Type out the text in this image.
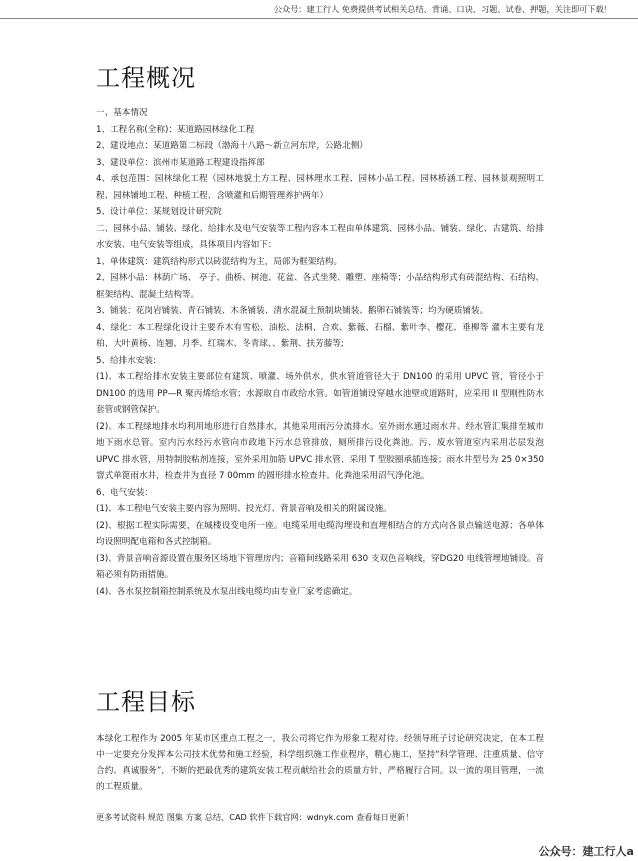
公众号：建工行人 免费提供考试相关总结、背诵、口诀、习题、试卷、押题，关注即可下载！
工程概况

一、基本情况

1、工程名称(全称)：某道路园林绿化工程

2、建设地点：某道路第二标段（渤海十八路～新立河东岸，公路北侧）

3、建设单位：滨州市某道路工程建设指挥部

4、承包范围：园林绿化工程（园林地貌土方工程、园林理水工程、园林小品工程、园林桥涵工程、园林景观照明工程、园林铺地工程、种植工程、含喷灌和后期管理养护两年）

5、设计单位：某规划设计研究院

二、园林小品、铺装、绿化、给排水及电气安装等工程内容本工程由单体建筑、园林小品、铺装、绿化、古建筑、给排水安装、电气安装等组成，具体项目内容如下：

1、单体建筑：建筑结构形式以砖混结构为主，局部为框架结构。

2、园林小品：林荫广场、 亭子、曲桥、树池、花盆、各式坐凳、雕塑、座椅等；小品结构形式有砖混结构、石结构、框架结构、混凝土结构等。

3、铺装：花岗岩铺装、青石铺装、木条铺装、清水混凝土预制块铺装、鹅卵石铺装等；均为硬质铺装。

4、绿化：本工程绿化设计主要乔木有雪松、油松、法桐、合欢、紫薇、石榴、紫叶李、樱花、垂柳等 灌木主要有龙柏、大叶黄杨、连翘、月季、红瑞木、冬青球、、紫荆、扶芳藤等;

5、给排水安装:

(1)、本工程给排水安装主要部位有建筑、喷灌、场外供水，供水管道管径大于 DN100 的采用 UPVC 管，管径小于 DN100 的选用 PP—R 聚丙烯给水管；水源取自市政给水管。如管道铺设穿越水池壁或道路时，应采用 II 型刚性防水套管或钢管保护。

(2)、本工程绿地排水均利用地形进行自然排水，其他采用雨污分流排水。室外雨水通过雨水井、经水管汇集排至城市地下雨水总管。室内污水经污水管向市政地下污水总管排放，厕所排污设化粪池。污、废水管道室内采用芯层发泡 UPVC 排水管，用特制胶粘剂连接，室外采用加筋 UPVC 排水管、采用 T 型胶圈承插连接；雨水井型号为 25 0×350 窨式单篦雨水井，检查井为直径 7 00mm 的圆形排水检查井。化粪池采用沼气净化池。

6、电气安装：

(1)、本工程电气安装主要内容为照明、投光灯、背景音响及相关的附属设施。

(2)、根据工程实际需要，在城楼设变电所一座。电缆采用电缆沟埋设和直埋相结合的方式向各景点输送电源；各单体均设照明配电箱和各式控制箱。

(3)、背景音响音源设置在服务区场地下管理房内；音箱间线路采用 630 支双色音响线，穿DG20 电线管埋地铺设。音箱必须有防雨措施。

(4)、各水泵控制箱控制系统及水泵出线电缆均由专业厂家考虑确定。

工程目标

本绿化工程作为 2005 年某市区重点工程之一，我公司将它作为形象工程对待。经领导班子讨论研究决定，在本工程中一定要充分发挥本公司技术优势和施工经验，科学组织施工作业程序，精心施工，坚持“科学管理、注重质量、信守合约、真诚服务”，不断的把最优秀的建筑安装工程贡献给社会的质量方针，严格履行合同。以一流的项目管理，一流的工程质量。

更多考试资料 规范 图集 方案 总结、CAD 软件下载官网：wdnyk.com 查看每日更新！
公众号：建工行人a
